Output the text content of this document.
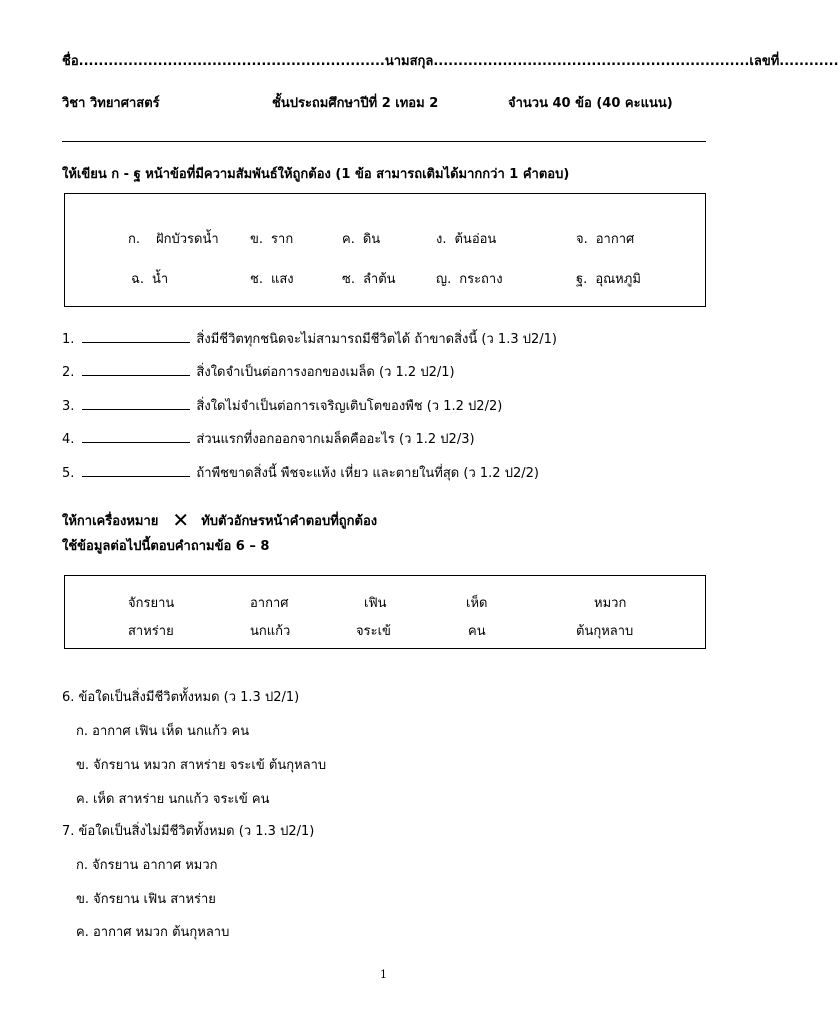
ชื่อ..............................................................นามสกุล................................................................เลขที่............
วิชา วิทยาศาสตร์	ชั้นประถมศึกษาปีที่ 2 เทอม 2	จำนวน 40 ข้อ (40 คะแนน)
ให้เขียน ก - ฐ หน้าข้อที่มีความสัมพันธ์ให้ถูกต้อง (1 ข้อ สามารถเติมได้มากกว่า 1 คำตอบ)
ก. ฝักบัวรดน้ำ ข. ราก	ค. ดิน	ง. ต้นอ่อน	จ. อากาศ
ฉ. น้ำ	ช. แสง	ซ. ลำต้น	ญ. กระถาง	ฐ. อุณหภูมิ
1.	สิ่งมีชีวิตทุกชนิดจะไม่สามารถมีชีวิตได้ ถ้าขาดสิ่งนี้ (ว 1.3 ป2/1)
2.	สิ่งใดจำเป็นต่อการงอกของเมล็ด (ว 1.2 ป2/1)
3.	สิ่งใดไม่จำเป็นต่อการเจริญเติบโตของพืช (ว 1.2 ป2/2)
4.	ส่วนแรกที่งอกออกจากเมล็ดคืออะไร (ว 1.2 ป2/3)
5.	ถ้าพืชขาดสิ่งนี้ พืชจะแห้ง เหี่ยว และตายในที่สุด (ว 1.2 ป2/2)
ให้กาเครื่องหมาย ✕ ทับตัวอักษรหน้าคำตอบที่ถูกต้อง
ใช้ข้อมูลต่อไปนี้ตอบคำถามข้อ 6 – 8
จักรยาน	อากาศ	เฟิน	เห็ด	หมวก
สาหร่าย	นกแก้ว	จระเข้	คน	ต้นกุหลาบ
6. ข้อใดเป็นสิ่งมีชีวิตทั้งหมด (ว 1.3 ป2/1)
ก. อากาศ เฟิน เห็ด นกแก้ว คน
ข. จักรยาน หมวก สาหร่าย จระเข้ ต้นกุหลาบ
ค. เห็ด สาหร่าย นกแก้ว จระเข้ คน
7. ข้อใดเป็นสิ่งไม่มีชีวิตทั้งหมด (ว 1.3 ป2/1)
ก. จักรยาน อากาศ หมวก
ข. จักรยาน เฟิน สาหร่าย
ค. อากาศ หมวก ต้นกุหลาบ
1
